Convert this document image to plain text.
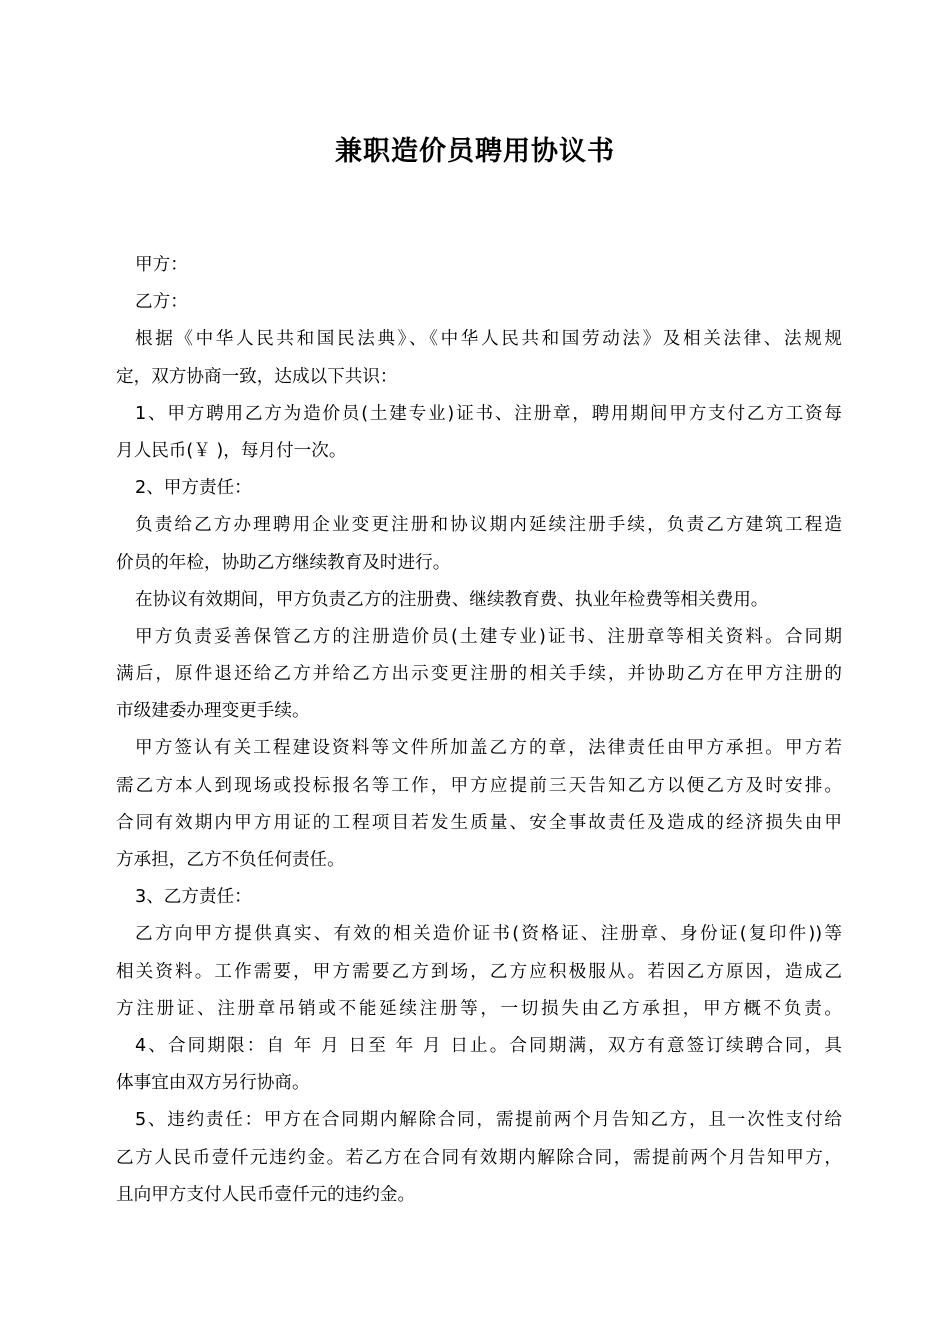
兼职造价员聘用协议书
甲方：
乙方：
根据《中华人民共和国民法典》、《中华人民共和国劳动法》及相关法律、法规规
定，双方协商一致，达成以下共识：
1、甲方聘用乙方为造价员(土建专业)证书、注册章，聘用期间甲方支付乙方工资每
月人民币(￥ )，每月付一次。
2、甲方责任：
负责给乙方办理聘用企业变更注册和协议期内延续注册手续，负责乙方建筑工程造
价员的年检，协助乙方继续教育及时进行。
在协议有效期间，甲方负责乙方的注册费、继续教育费、执业年检费等相关费用。
甲方负责妥善保管乙方的注册造价员(土建专业)证书、注册章等相关资料。合同期
满后，原件退还给乙方并给乙方出示变更注册的相关手续，并协助乙方在甲方注册的
市级建委办理变更手续。
甲方签认有关工程建设资料等文件所加盖乙方的章，法律责任由甲方承担。甲方若
需乙方本人到现场或投标报名等工作，甲方应提前三天告知乙方以便乙方及时安排。
合同有效期内甲方用证的工程项目若发生质量、安全事故责任及造成的经济损失由甲
方承担，乙方不负任何责任。
3、乙方责任：
乙方向甲方提供真实、有效的相关造价证书(资格证、注册章、身份证(复印件))等
相关资料。工作需要，甲方需要乙方到场，乙方应积极服从。若因乙方原因，造成乙
方注册证、注册章吊销或不能延续注册等，一切损失由乙方承担，甲方概不负责。
4、合同期限：自 年 月 日至 年 月 日止。合同期满，双方有意签订续聘合同，具
体事宜由双方另行协商。
5、违约责任：甲方在合同期内解除合同，需提前两个月告知乙方，且一次性支付给
乙方人民币壹仟元违约金。若乙方在合同有效期内解除合同，需提前两个月告知甲方，
且向甲方支付人民币壹仟元的违约金。
